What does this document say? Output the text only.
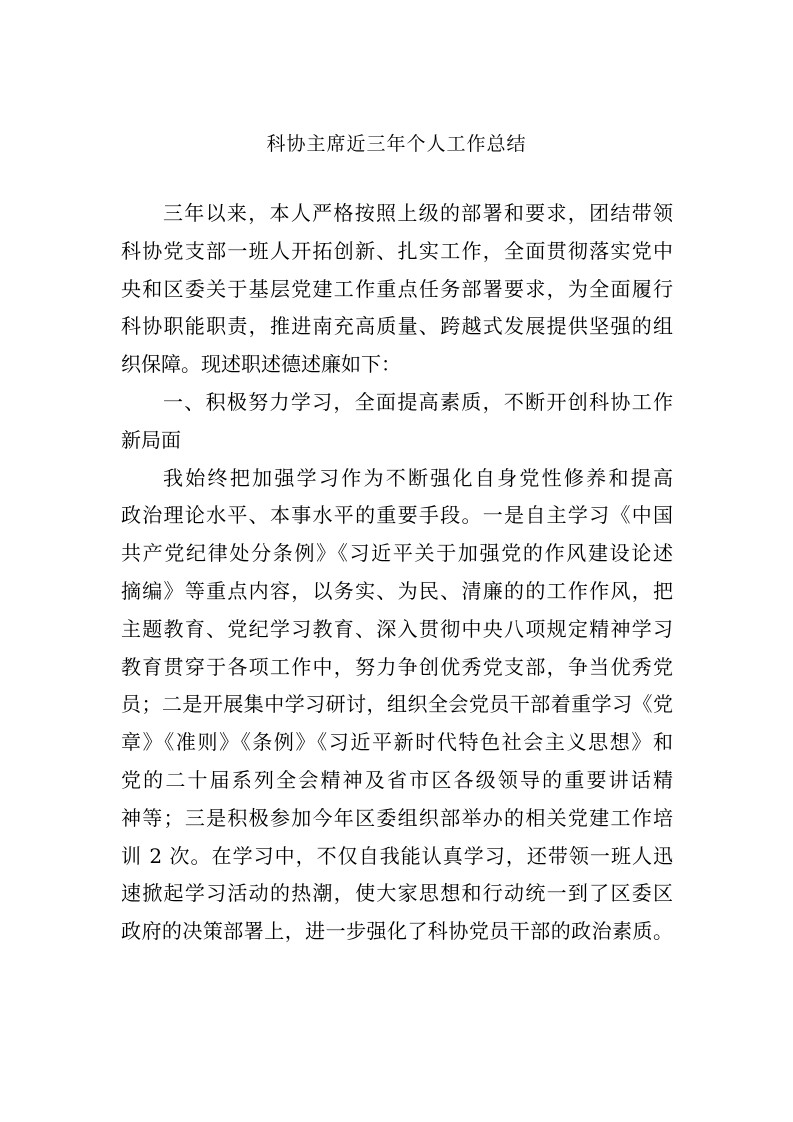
科协主席近三年个人工作总结
三年以来，本人严格按照上级的部署和要求，团结带领
科协党支部一班人开拓创新、扎实工作，全面贯彻落实党中
央和区委关于基层党建工作重点任务部署要求，为全面履行
科协职能职责，推进南充高质量、跨越式发展提供坚强的组
织保障。现述职述德述廉如下：
一、积极努力学习，全面提高素质，不断开创科协工作
新局面
我始终把加强学习作为不断强化自身党性修养和提高
政治理论水平、本事水平的重要手段。一是自主学习《中国
共产党纪律处分条例》《习近平关于加强党的作风建设论述
摘编》等重点内容，以务实、为民、清廉的的工作作风，把
主题教育、党纪学习教育、深入贯彻中央八项规定精神学习
教育贯穿于各项工作中，努力争创优秀党支部，争当优秀党
员；二是开展集中学习研讨，组织全会党员干部着重学习《党
章》《准则》《条例》《习近平新时代特色社会主义思想》和
党的二十届系列全会精神及省市区各级领导的重要讲话精
神等；三是积极参加今年区委组织部举办的相关党建工作培
训 2 次。在学习中，不仅自我能认真学习，还带领一班人迅
速掀起学习活动的热潮，使大家思想和行动统一到了区委区
政府的决策部署上，进一步强化了科协党员干部的政治素质。
